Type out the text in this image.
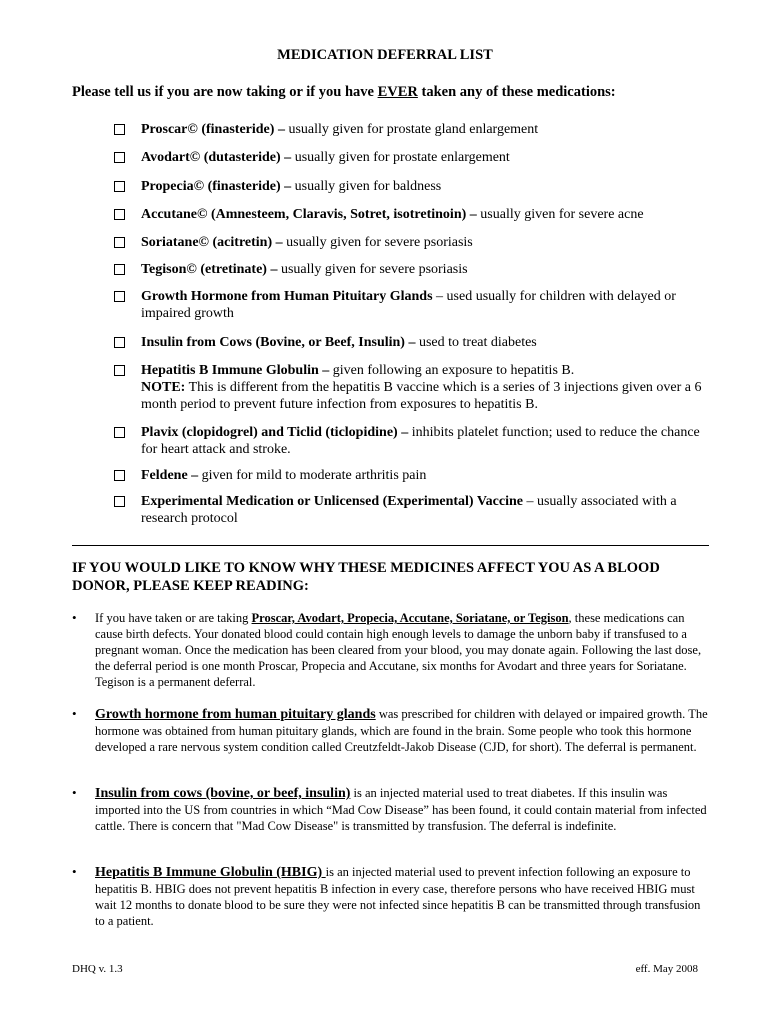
MEDICATION DEFERRAL LIST
Please tell us if you are now taking or if you have EVER taken any of these medications:
Proscar© (finasteride) – usually given for prostate gland enlargement
Avodart© (dutasteride) – usually given for prostate enlargement
Propecia© (finasteride) – usually given for baldness
Accutane© (Amnesteem, Claravis, Sotret, isotretinoin) – usually given for severe acne
Soriatane© (acitretin) – usually given for severe psoriasis
Tegison© (etretinate) – usually given for severe psoriasis
Growth Hormone from Human Pituitary Glands – used usually for children with delayed or impaired growth
Insulin from Cows (Bovine, or Beef, Insulin) – used to treat diabetes
Hepatitis B Immune Globulin – given following an exposure to hepatitis B.
NOTE: This is different from the hepatitis B vaccine which is a series of 3 injections given over a 6 month period to prevent future infection from exposures to hepatitis B.
Plavix (clopidogrel) and Ticlid (ticlopidine) – inhibits platelet function; used to reduce the chance for heart attack and stroke.
Feldene – given for mild to moderate arthritis pain
Experimental Medication or Unlicensed (Experimental) Vaccine – usually associated with a research protocol
IF YOU WOULD LIKE TO KNOW WHY THESE MEDICINES AFFECT YOU AS A BLOOD DONOR, PLEASE KEEP READING:
• If you have taken or are taking Proscar, Avodart, Propecia, Accutane, Soriatane, or Tegison, these medications can cause birth defects. Your donated blood could contain high enough levels to damage the unborn baby if transfused to a pregnant woman. Once the medication has been cleared from your blood, you may donate again. Following the last dose, the deferral period is one month Proscar, Propecia and Accutane, six months for Avodart and three years for Soriatane. Tegison is a permanent deferral.
• Growth hormone from human pituitary glands was prescribed for children with delayed or impaired growth. The hormone was obtained from human pituitary glands, which are found in the brain. Some people who took this hormone developed a rare nervous system condition called Creutzfeldt-Jakob Disease (CJD, for short). The deferral is permanent.
• Insulin from cows (bovine, or beef, insulin) is an injected material used to treat diabetes. If this insulin was imported into the US from countries in which “Mad Cow Disease” has been found, it could contain material from infected cattle. There is concern that "Mad Cow Disease" is transmitted by transfusion. The deferral is indefinite.
• Hepatitis B Immune Globulin (HBIG) is an injected material used to prevent infection following an exposure to hepatitis B. HBIG does not prevent hepatitis B infection in every case, therefore persons who have received HBIG must wait 12 months to donate blood to be sure they were not infected since hepatitis B can be transmitted through transfusion to a patient.
DHQ v. 1.3	eff. May 2008
